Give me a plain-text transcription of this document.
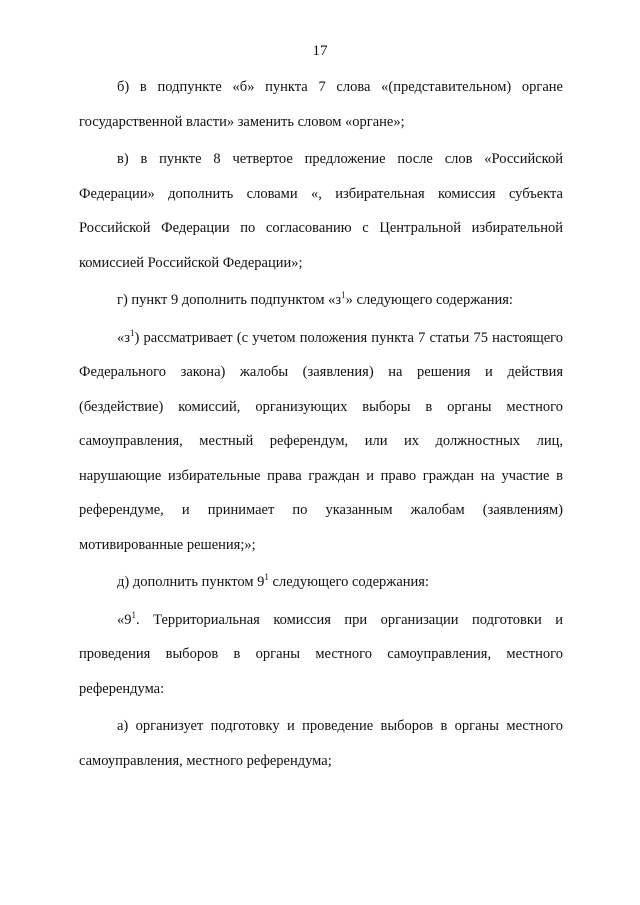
17

б) в подпункте «б» пункта 7 слова «(представительном) органе государственной власти» заменить словом «органе»;

в) в пункте 8 четвертое предложение после слов «Российской Федерации» дополнить словами «, избирательная комиссия субъекта Российской Федерации по согласованию с Центральной избирательной комиссией Российской Федерации»;

г) пункт 9 дополнить подпунктом «$з^1$» следующего содержания:

«$з^1$) рассматривает (с учетом положения пункта 7 статьи 75 настоящего Федерального закона) жалобы (заявления) на решения и действия (бездействие) комиссий, организующих выборы в органы местного самоуправления, местный референдум, или их должностных лиц, нарушающие избирательные права граждан и право граждан на участие в референдуме, и принимает по указанным жалобам (заявлениям) мотивированные решения;»;

д) дополнить пунктом $9^1$ следующего содержания:

«$9^1$. Территориальная комиссия при организации подготовки и проведения выборов в органы местного самоуправления, местного референдума:

а) организует подготовку и проведение выборов в органы местного самоуправления, местного референдума;
